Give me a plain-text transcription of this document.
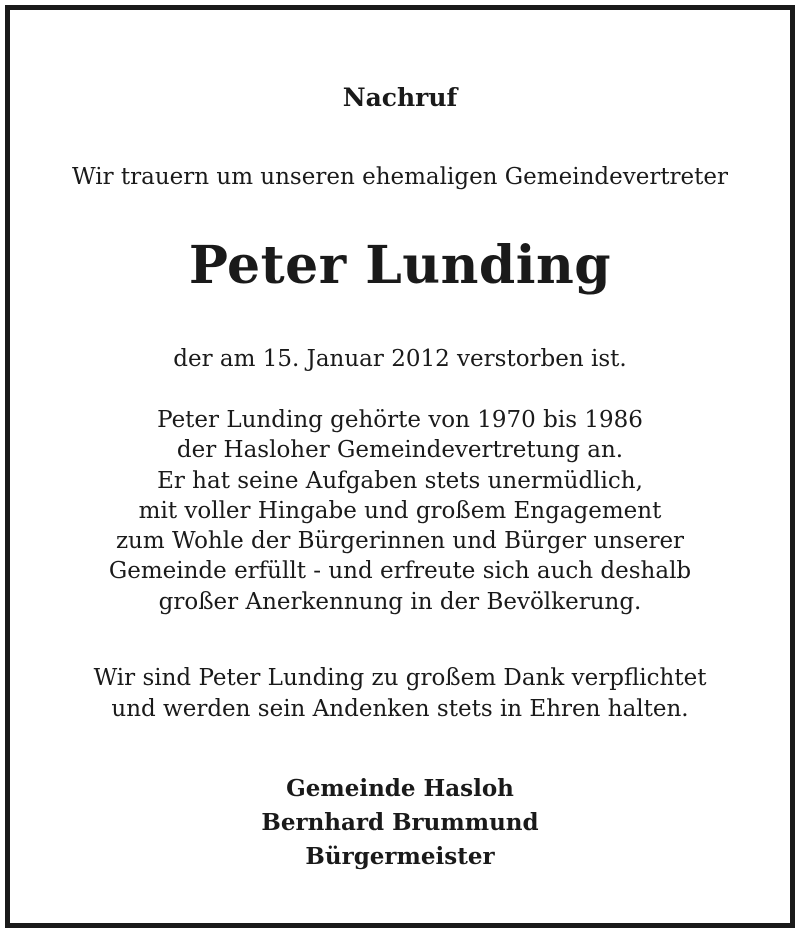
Nachruf
Wir trauern um unseren ehemaligen Gemeindevertreter
Peter Lunding
der am 15. Januar 2012 verstorben ist.
Peter Lunding gehörte von 1970 bis 1986
der Hasloher Gemeindevertretung an.
Er hat seine Aufgaben stets unermüdlich,
mit voller Hingabe und großem Engagement
zum Wohle der Bürgerinnen und Bürger unserer
Gemeinde erfüllt - und erfreute sich auch deshalb
großer Anerkennung in der Bevölkerung.
Wir sind Peter Lunding zu großem Dank verpflichtet
und werden sein Andenken stets in Ehren halten.
Gemeinde Hasloh
Bernhard Brummund
Bürgermeister
